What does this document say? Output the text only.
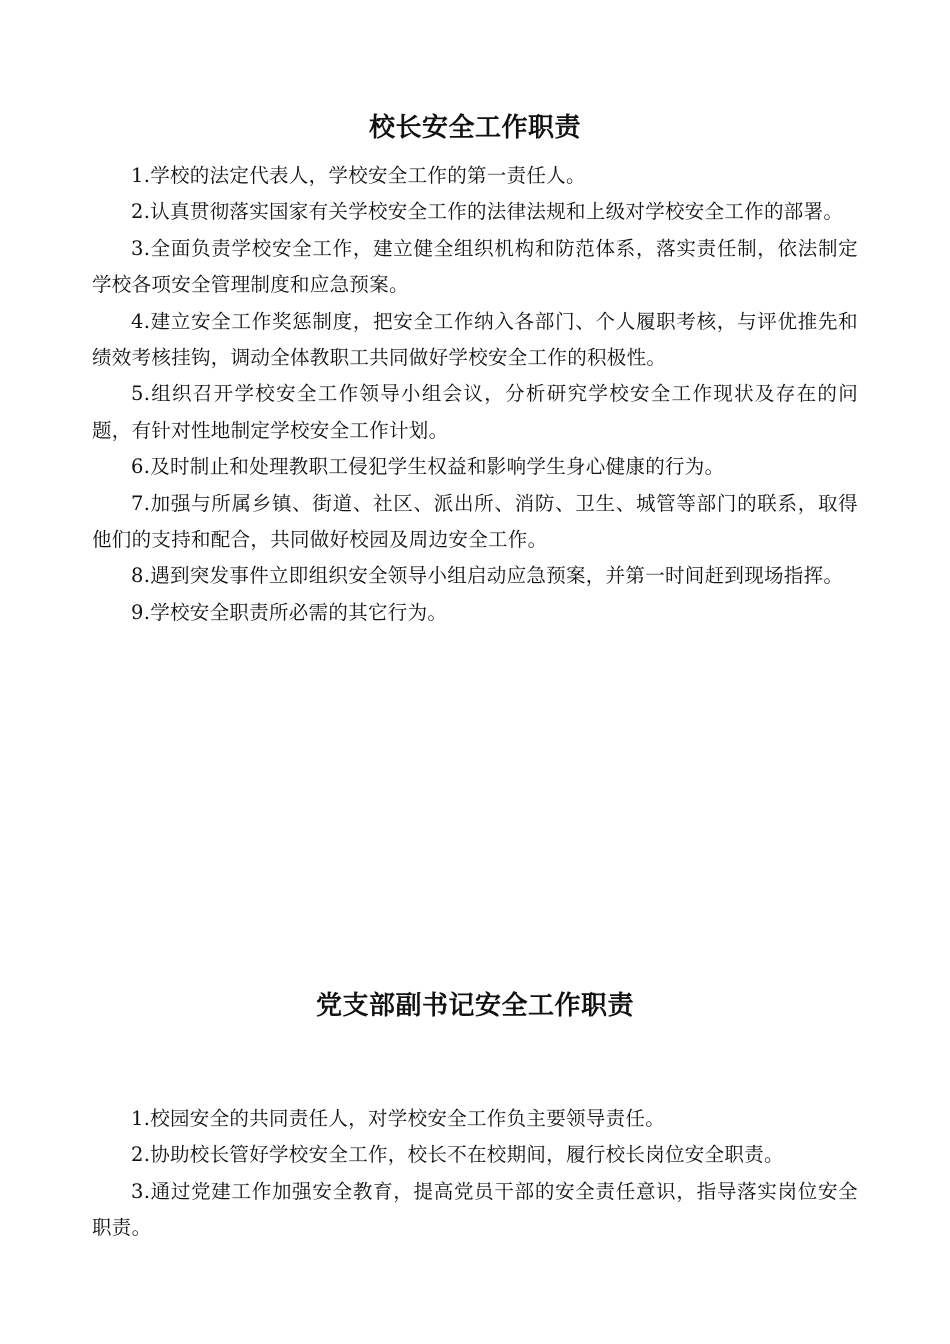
校长安全工作职责

1.学校的法定代表人，学校安全工作的第一责任人。

2.认真贯彻落实国家有关学校安全工作的法律法规和上级对学校安全工作的部署。

3.全面负责学校安全工作，建立健全组织机构和防范体系，落实责任制，依法制定学校各项安全管理制度和应急预案。

4.建立安全工作奖惩制度，把安全工作纳入各部门、个人履职考核，与评优推先和绩效考核挂钩，调动全体教职工共同做好学校安全工作的积极性。

5.组织召开学校安全工作领导小组会议，分析研究学校安全工作现状及存在的问题，有针对性地制定学校安全工作计划。

6.及时制止和处理教职工侵犯学生权益和影响学生身心健康的行为。

7.加强与所属乡镇、街道、社区、派出所、消防、卫生、城管等部门的联系，取得他们的支持和配合，共同做好校园及周边安全工作。

8.遇到突发事件立即组织安全领导小组启动应急预案，并第一时间赶到现场指挥。

9.学校安全职责所必需的其它行为。

党支部副书记安全工作职责

1.校园安全的共同责任人，对学校安全工作负主要领导责任。

2.协助校长管好学校安全工作，校长不在校期间，履行校长岗位安全职责。

3.通过党建工作加强安全教育，提高党员干部的安全责任意识，指导落实岗位安全职责。
